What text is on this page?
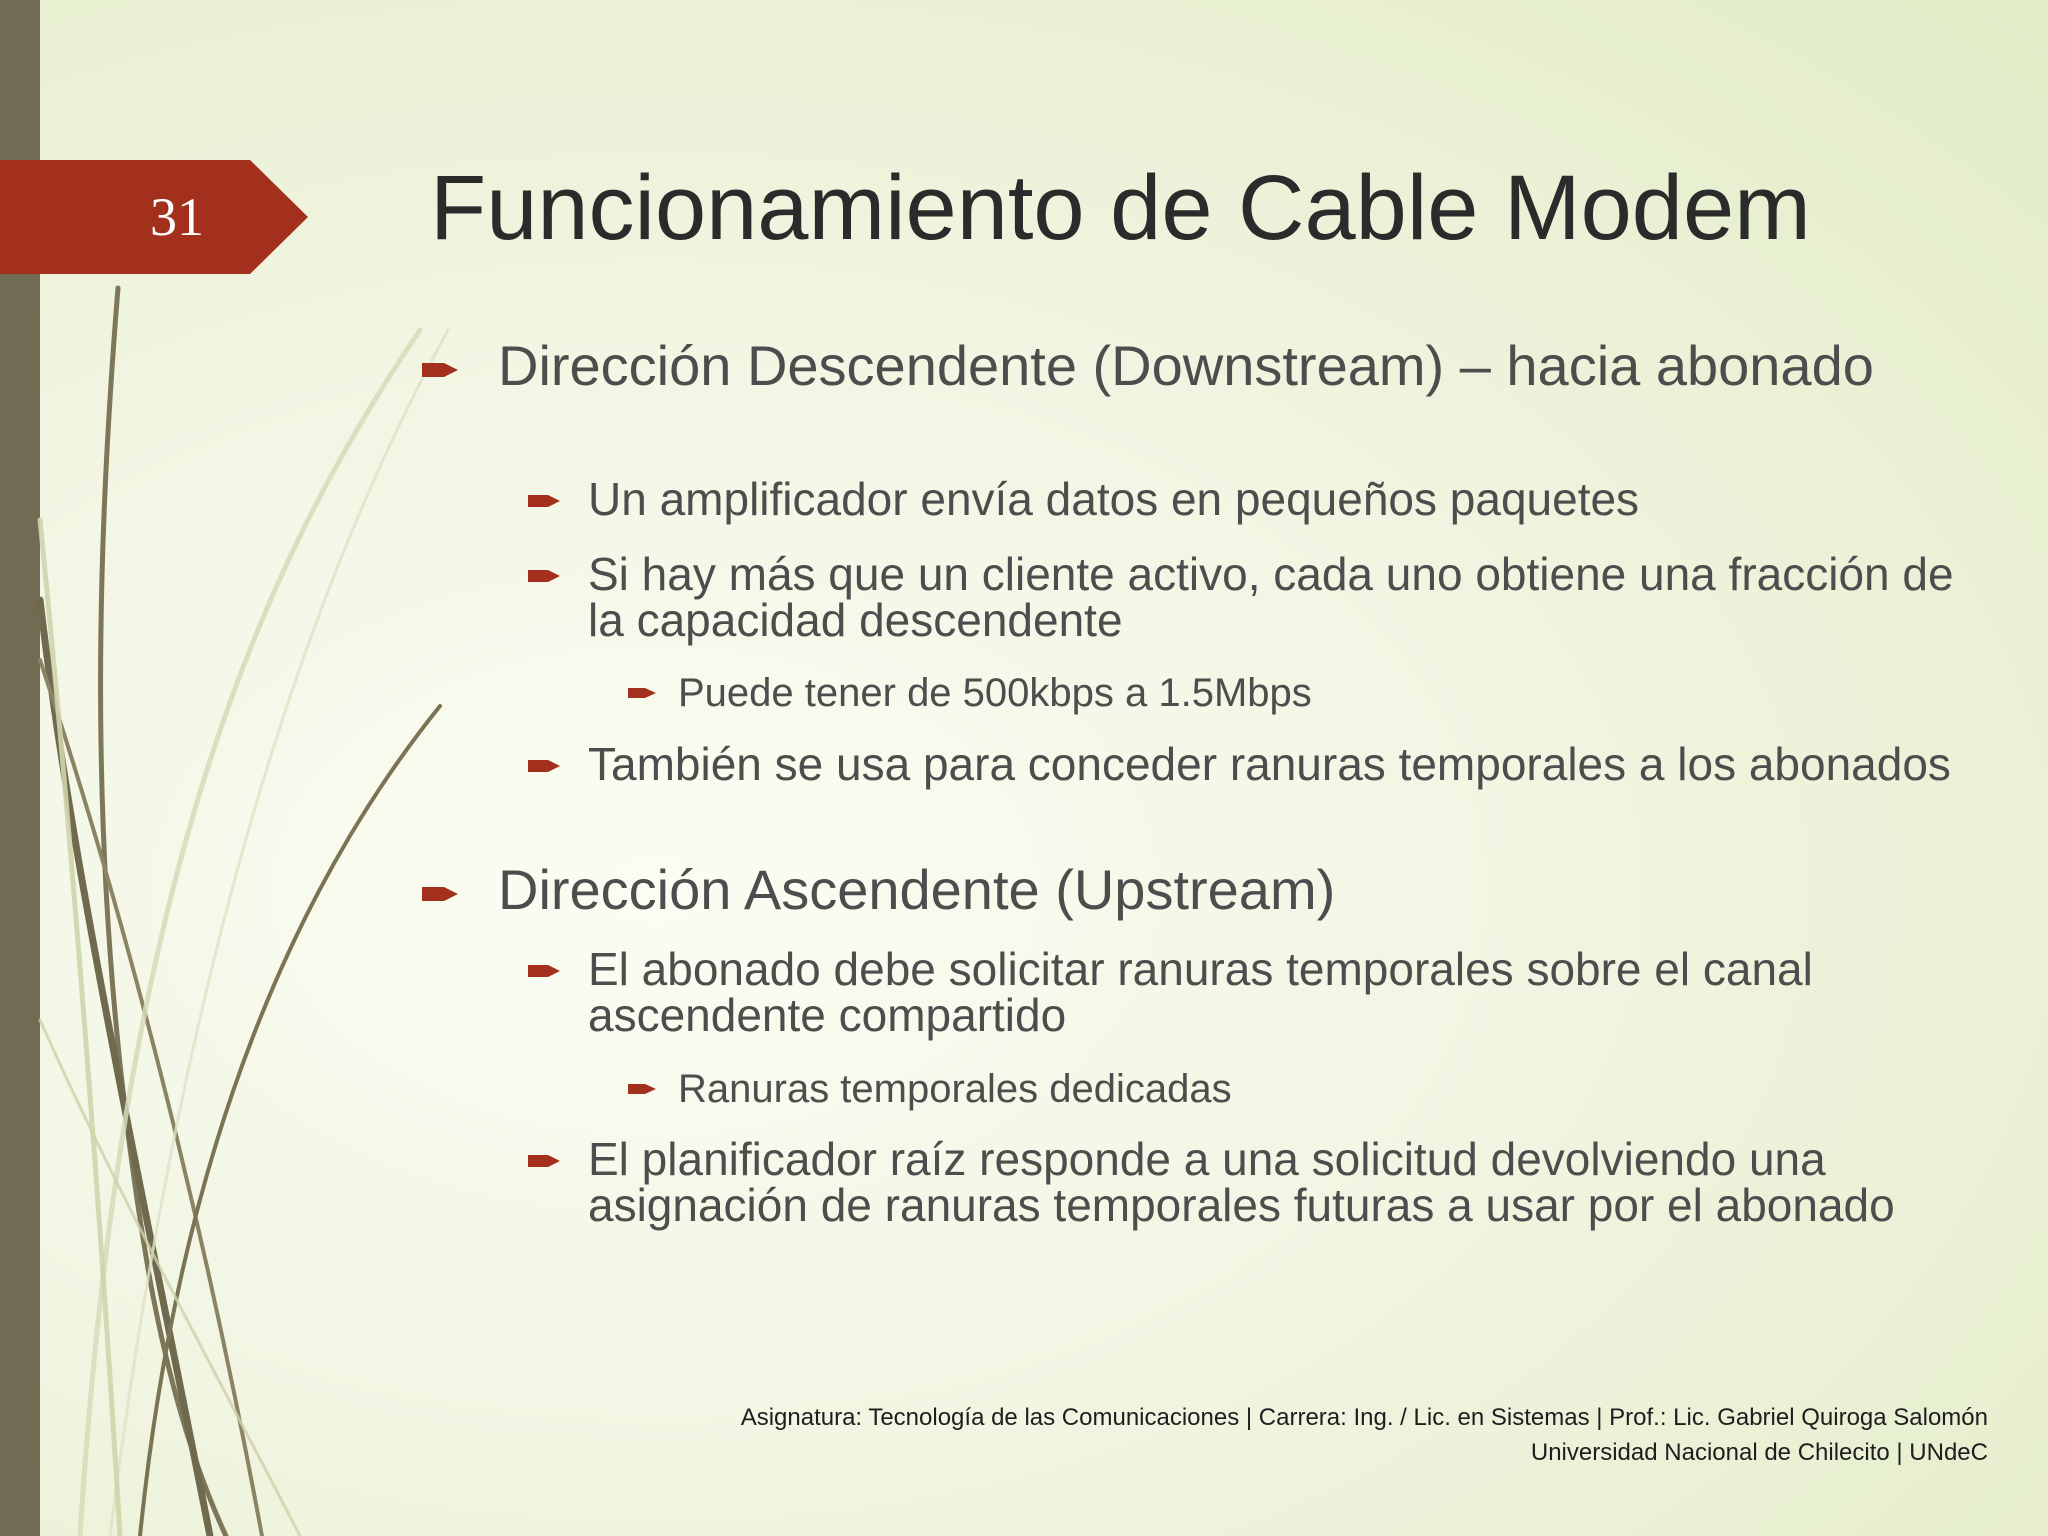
31 Funcionamiento de Cable Modem
Dirección Descendente (Downstream) – hacia abonado
Un amplificador envía datos en pequeños paquetes
Si hay más que un cliente activo, cada uno obtiene una fracción de la capacidad descendente
Puede tener de 500kbps a 1.5Mbps
También se usa para conceder ranuras temporales a los abonados
Dirección Ascendente (Upstream)
El abonado debe solicitar ranuras temporales sobre el canal ascendente compartido
Ranuras temporales dedicadas
El planificador raíz responde a una solicitud devolviendo una asignación de ranuras temporales futuras a usar por el abonado
Asignatura: Tecnología de las Comunicaciones | Carrera: Ing. / Lic. en Sistemas | Prof.: Lic. Gabriel Quiroga Salomón
Universidad Nacional de Chilecito | UNdeC
